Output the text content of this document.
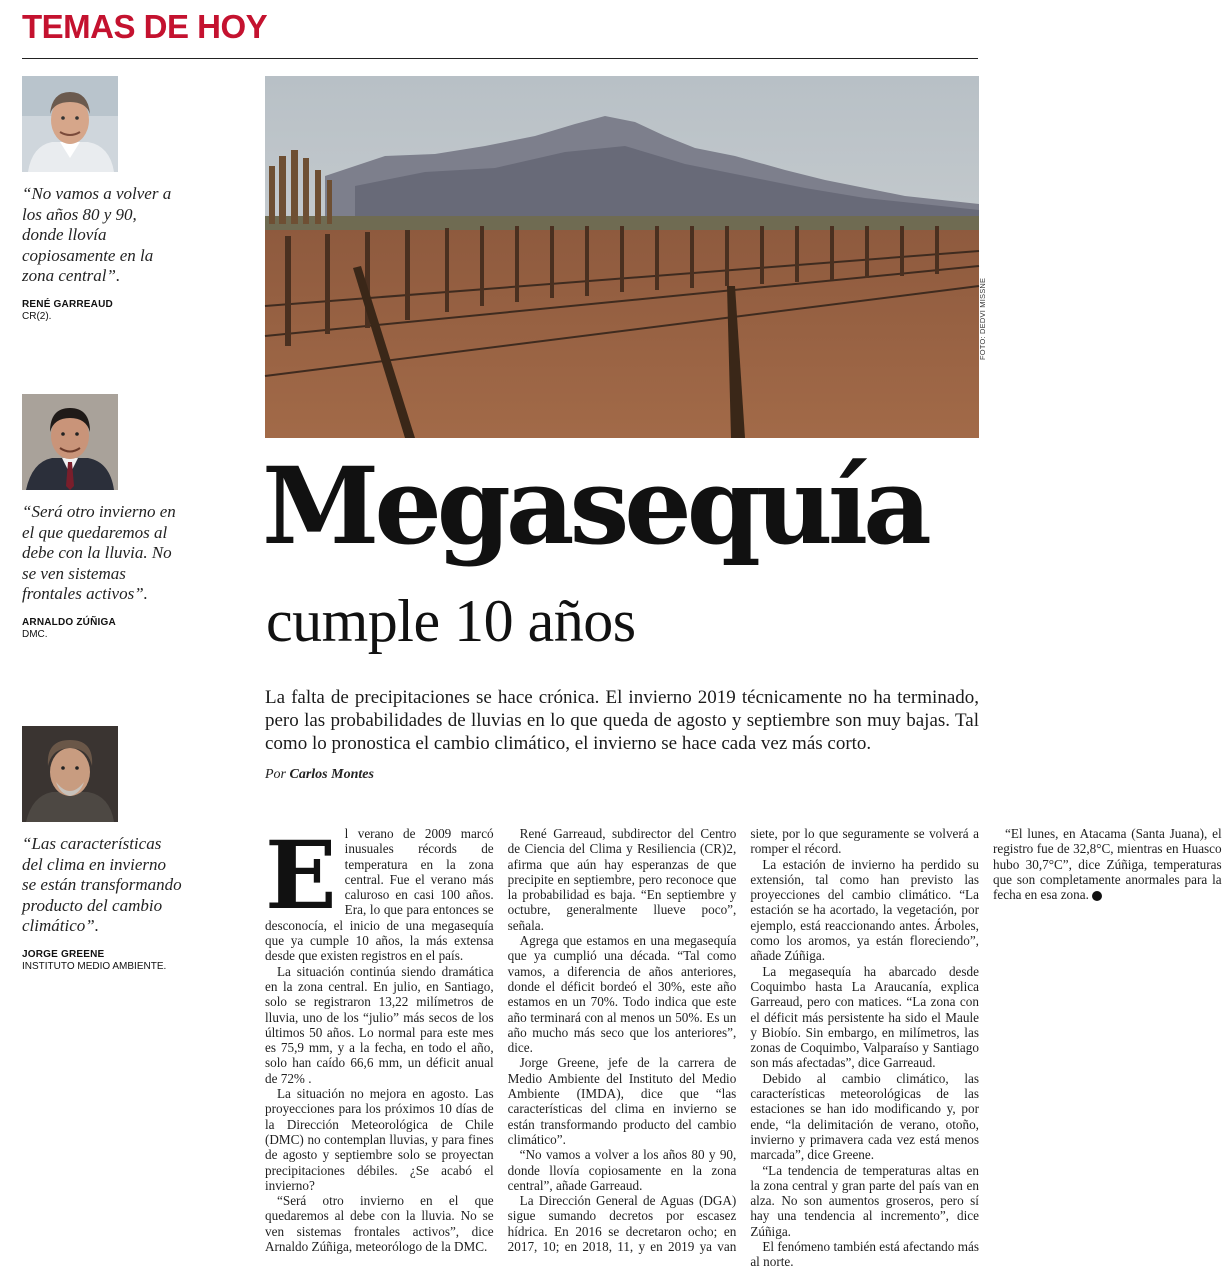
TEMAS DE HOY

“No vamos a volver a los años 80 y 90, donde llovía copiosamente en la zona central”.

RENÉ GARREAUD
CR(2).

“Será otro invierno en el que quedaremos al debe con la lluvia. No se ven sistemas frontales activos”.

ARNALDO ZÚÑIGA
DMC.

“Las características del clima en invierno se están transformando producto del cambio climático”.

JORGE GREENE
INSTITUTO MEDIO AMBIENTE.
FOTO: DEDVI MISSNE
Megasequía
cumple 10 años

La falta de precipitaciones se hace crónica. El invierno 2019 técnicamente no ha terminado, pero las probabilidades de lluvias en lo que queda de agosto y septiembre son muy bajas. Tal como lo pronostica el cambio climático, el invierno se hace cada vez más corto.

Por Carlos Montes

El verano de 2009 marcó inusuales récords de temperatura en la zona central. Fue el verano más caluroso en casi 100 años. Era, lo que para entonces se desconocía, el inicio de una megasequía que ya cumple 10 años, la más extensa desde que existen registros en el país.

La situación continúa siendo dramática en la zona central. En julio, en Santiago, solo se registraron 13,22 milímetros de lluvia, uno de los “julio” más secos de los últimos 50 años. Lo normal para este mes es 75,9 mm, y a la fecha, en todo el año, solo han caído 66,6 mm, un déficit anual de 72% .

La situación no mejora en agosto. Las proyecciones para los próximos 10 días de la Dirección Meteorológica de Chile (DMC) no contemplan lluvias, y para fines de agosto y septiembre solo se proyectan precipitaciones débiles. ¿Se acabó el invierno?

“Será otro invierno en el que quedaremos al debe con la lluvia. No se ven sistemas frontales activos”, dice Arnaldo Zúñiga, meteorólogo de la DMC.

René Garreaud, subdirector del Centro de Ciencia del Clima y Resiliencia (CR)2, afirma que aún hay esperanzas de que precipite en septiembre, pero reconoce que la probabilidad es baja. “En septiembre y octubre, generalmente llueve poco”, señala.

Agrega que estamos en una megasequía que ya cumplió una década. “Tal como vamos, a diferencia de años anteriores, donde el déficit bordeó el 30%, este año estamos en un 70%. Todo indica que este año terminará con al menos un 50%. Es un año mucho más seco que los anteriores”, dice.

Jorge Greene, jefe de la carrera de Medio Ambiente del Instituto del Medio Ambiente (IMDA), dice que “las características del clima en invierno se están transformando producto del cambio climático”.

“No vamos a volver a los años 80 y 90, donde llovía copiosamente en la zona central”, añade Garreaud.

La Dirección General de Aguas (DGA) sigue sumando decretos por escasez hídrica. En 2016 se decretaron ocho; en 2017, 10; en 2018, 11, y en 2019 ya van siete, por lo que seguramente se volverá a romper el récord.

La estación de invierno ha perdido su extensión, tal como han previsto las proyecciones del cambio climático. “La estación se ha acortado, la vegetación, por ejemplo, está reaccionando antes. Árboles, como los aromos, ya están floreciendo”, añade Zúñiga.

La megasequía ha abarcado desde Coquimbo hasta La Araucanía, explica Garreaud, pero con matices. “La zona con el déficit más persistente ha sido el Maule y Biobío. Sin embargo, en milímetros, las zonas de Coquimbo, Valparaíso y Santiago son más afectadas”, dice Garreaud.

Debido al cambio climático, las características meteorológicas de las estaciones se han ido modificando y, por ende, “la delimitación de verano, otoño, invierno y primavera cada vez está menos marcada”, dice Greene.

“La tendencia de temperaturas altas en la zona central y gran parte del país van en alza. No son aumentos groseros, pero sí hay una tendencia al incremento”, dice Zúñiga.

El fenómeno también está afectando más al norte.

“El lunes, en Atacama (Santa Juana), el registro fue de 32,8°C, mientras en Huasco hubo 30,7°C”, dice Zúñiga, temperaturas que son completamente anormales para la fecha en esa zona.
